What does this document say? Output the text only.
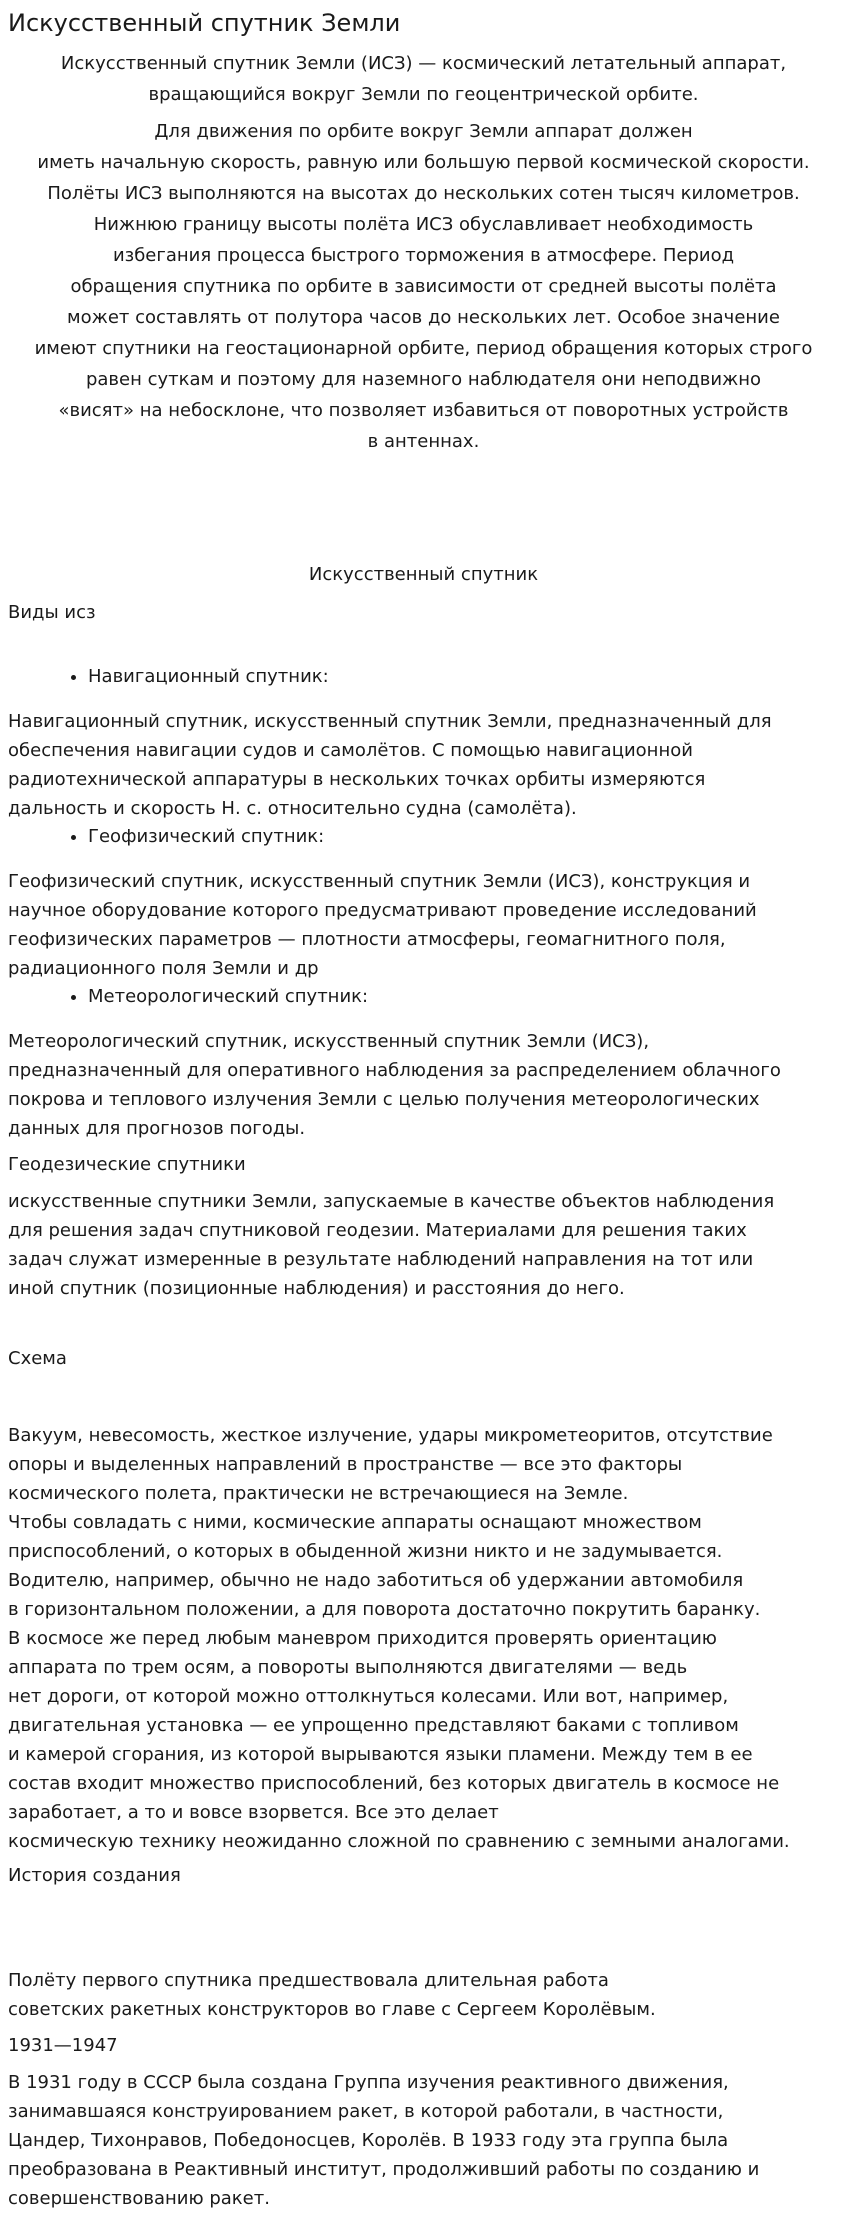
Искусственный спутник Земли

Искусственный спутник Земли (ИСЗ) — космический летательный аппарат,
вращающийся вокруг Земли по геоцентрической орбите.

Для движения по орбите вокруг Земли аппарат должен
иметь начальную скорость, равную или большую первой космической скорости.
Полёты ИСЗ выполняются на высотах до нескольких сотен тысяч километров.
Нижнюю границу высоты полёта ИСЗ обуславливает необходимость
избегания процесса быстрого торможения в атмосфере. Период
обращения спутника по орбите в зависимости от средней высоты полёта
может составлять от полутора часов до нескольких лет. Особое значение
имеют спутники на геостационарной орбите, период обращения которых строго
равен суткам и поэтому для наземного наблюдателя они неподвижно
«висят» на небосклоне, что позволяет избавиться от поворотных устройств
в антеннах.

Искусственный спутник

Виды исз

• Навигационный спутник:

Навигационный спутник, искусственный спутник Земли, предназначенный для
обеспечения навигации судов и самолётов. С помощью навигационной
радиотехнической аппаратуры в нескольких точках орбиты измеряются
дальность и скорость Н. с. относительно судна (самолёта).

• Геофизический спутник:

Геофизический спутник, искусственный спутник Земли (ИСЗ), конструкция и
научное оборудование которого предусматривают проведение исследований
геофизических параметров — плотности атмосферы, геомагнитного поля,
радиационного поля Земли и др

• Метеорологический спутник:

Метеорологический спутник, искусственный спутник Земли (ИСЗ),
предназначенный для оперативного наблюдения за распределением облачного
покрова и теплового излучения Земли с целью получения метеорологических
данных для прогнозов погоды.

Геодезические спутники

искусственные спутники Земли, запускаемые в качестве объектов наблюдения
для решения задач спутниковой геодезии. Материалами для решения таких
задач служат измеренные в результате наблюдений направления на тот или
иной спутник (позиционные наблюдения) и расстояния до него.

Схема

Вакуум, невесомость, жесткое излучение, удары микрометеоритов, отсутствие
опоры и выделенных направлений в пространстве — все это факторы
космического полета, практически не встречающиеся на Земле.
Чтобы совладать с ними, космические аппараты оснащают множеством
приспособлений, о которых в обыденной жизни никто и не задумывается.
Водителю, например, обычно не надо заботиться об удержании автомобиля
в горизонтальном положении, а для поворота достаточно покрутить баранку.
В космосе же перед любым маневром приходится проверять ориентацию
аппарата по трем осям, а повороты выполняются двигателями — ведь
нет дороги, от которой можно оттолкнуться колесами. Или вот, например,
двигательная установка — ее упрощенно представляют баками с топливом
и камерой сгорания, из которой вырываются языки пламени. Между тем в ее
состав входит множество приспособлений, без которых двигатель в космосе не
заработает, а то и вовсе взорвется. Все это делает
космическую технику неожиданно сложной по сравнению с земными аналогами.

История создания

Полёту первого спутника предшествовала длительная работа
советских ракетных конструкторов во главе с Сергеем Королёвым.

1931—1947

В 1931 году в СССР была создана Группа изучения реактивного движения,
занимавшаяся конструированием ракет, в которой работали, в частности,
Цандер, Тихонравов, Победоносцев, Королёв. В 1933 году эта группа была
преобразована в Реактивный институт, продолживший работы по созданию и
совершенствованию ракет.
